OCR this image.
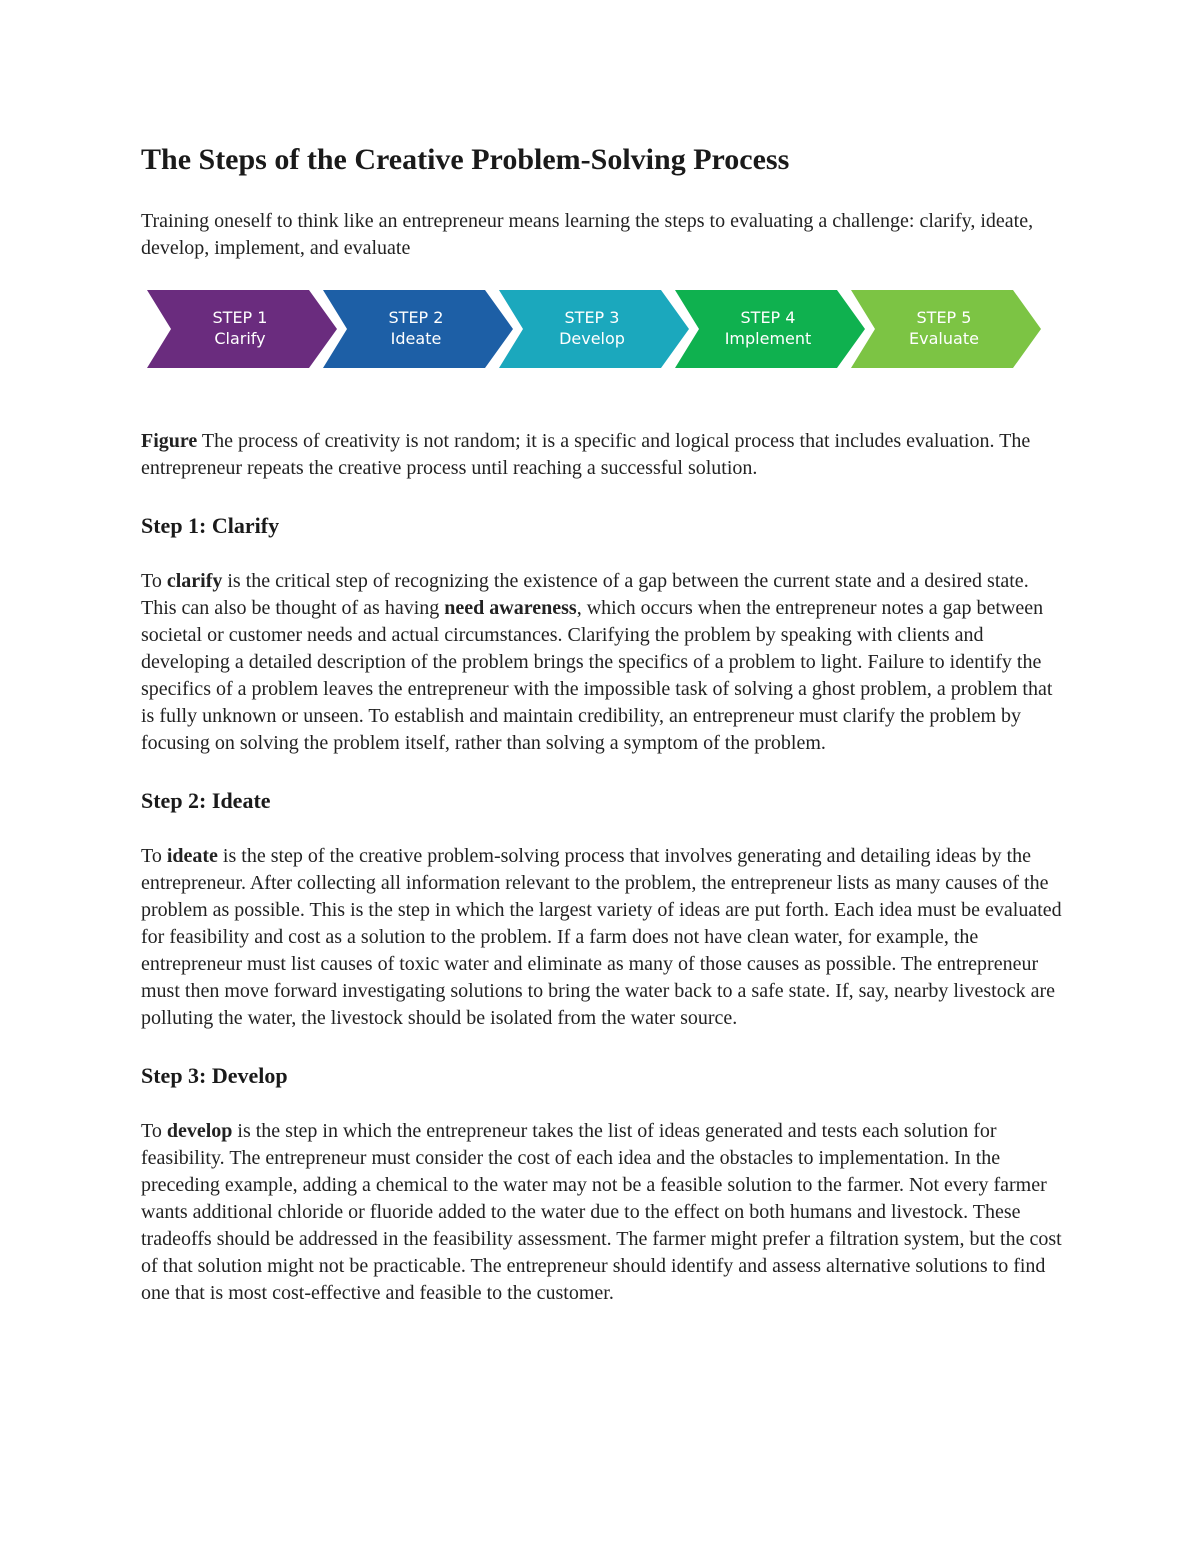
The Steps of the Creative Problem-Solving Process

Training oneself to think like an entrepreneur means learning the steps to evaluating a challenge: clarify, ideate, develop, implement, and evaluate

STEP 1
Clarify
STEP 2
Ideate
STEP 3
Develop
STEP 4
Implement
STEP 5
Evaluate

Figure The process of creativity is not random; it is a specific and logical process that includes evaluation. The entrepreneur repeats the creative process until reaching a successful solution.

Step 1: Clarify

To clarify is the critical step of recognizing the existence of a gap between the current state and a desired state. This can also be thought of as having need awareness, which occurs when the entrepreneur notes a gap between societal or customer needs and actual circumstances. Clarifying the problem by speaking with clients and developing a detailed description of the problem brings the specifics of a problem to light. Failure to identify the specifics of a problem leaves the entrepreneur with the impossible task of solving a ghost problem, a problem that is fully unknown or unseen. To establish and maintain credibility, an entrepreneur must clarify the problem by focusing on solving the problem itself, rather than solving a symptom of the problem.

Step 2: Ideate

To ideate is the step of the creative problem-solving process that involves generating and detailing ideas by the entrepreneur. After collecting all information relevant to the problem, the entrepreneur lists as many causes of the problem as possible. This is the step in which the largest variety of ideas are put forth. Each idea must be evaluated for feasibility and cost as a solution to the problem. If a farm does not have clean water, for example, the entrepreneur must list causes of toxic water and eliminate as many of those causes as possible. The entrepreneur must then move forward investigating solutions to bring the water back to a safe state. If, say, nearby livestock are polluting the water, the livestock should be isolated from the water source.

Step 3: Develop

To develop is the step in which the entrepreneur takes the list of ideas generated and tests each solution for feasibility. The entrepreneur must consider the cost of each idea and the obstacles to implementation. In the preceding example, adding a chemical to the water may not be a feasible solution to the farmer. Not every farmer wants additional chloride or fluoride added to the water due to the effect on both humans and livestock. These tradeoffs should be addressed in the feasibility assessment. The farmer might prefer a filtration system, but the cost of that solution might not be practicable. The entrepreneur should identify and assess alternative solutions to find one that is most cost-effective and feasible to the customer.
